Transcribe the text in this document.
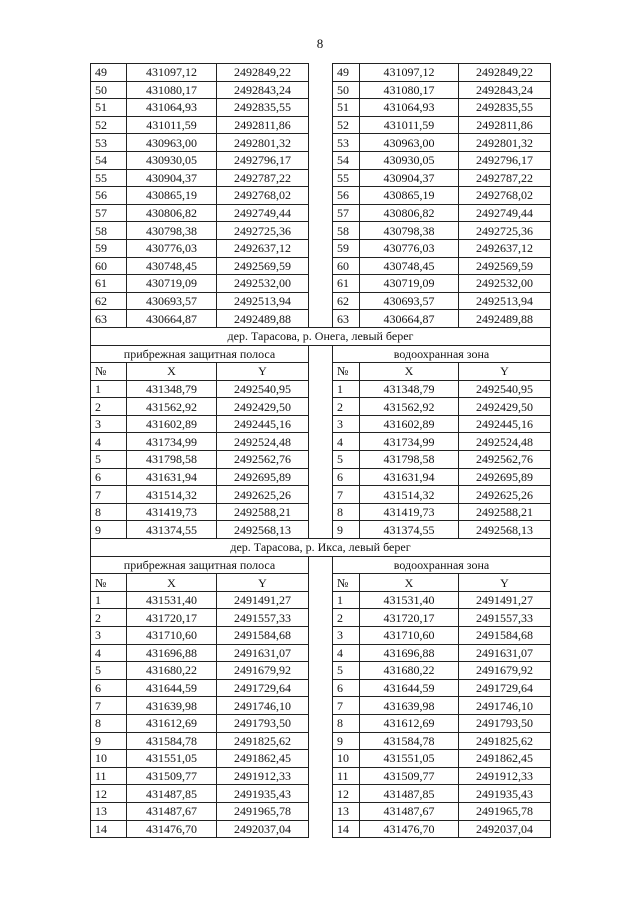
8
49	431097,12	2492849,22		49	431097,12	2492849,22
50	431080,17	2492843,24		50	431080,17	2492843,24
51	431064,93	2492835,55		51	431064,93	2492835,55
52	431011,59	2492811,86		52	431011,59	2492811,86
53	430963,00	2492801,32		53	430963,00	2492801,32
54	430930,05	2492796,17		54	430930,05	2492796,17
55	430904,37	2492787,22		55	430904,37	2492787,22
56	430865,19	2492768,02		56	430865,19	2492768,02
57	430806,82	2492749,44		57	430806,82	2492749,44
58	430798,38	2492725,36		58	430798,38	2492725,36
59	430776,03	2492637,12		59	430776,03	2492637,12
60	430748,45	2492569,59		60	430748,45	2492569,59
61	430719,09	2492532,00		61	430719,09	2492532,00
62	430693,57	2492513,94		62	430693,57	2492513,94
63	430664,87	2492489,88		63	430664,87	2492489,88
дер. Тарасова, р. Онега, левый берег						
прибрежная защитная полоса				водоохранная зона		
№	X	Y		№	X	Y
1	431348,79	2492540,95		1	431348,79	2492540,95
2	431562,92	2492429,50		2	431562,92	2492429,50
3	431602,89	2492445,16		3	431602,89	2492445,16
4	431734,99	2492524,48		4	431734,99	2492524,48
5	431798,58	2492562,76		5	431798,58	2492562,76
6	431631,94	2492695,89		6	431631,94	2492695,89
7	431514,32	2492625,26		7	431514,32	2492625,26
8	431419,73	2492588,21		8	431419,73	2492588,21
9	431374,55	2492568,13		9	431374,55	2492568,13
дер. Тарасова, р. Икса, левый берег						
прибрежная защитная полоса				водоохранная зона		
№	X	Y		№	X	Y
1	431531,40	2491491,27		1	431531,40	2491491,27
2	431720,17	2491557,33		2	431720,17	2491557,33
3	431710,60	2491584,68		3	431710,60	2491584,68
4	431696,88	2491631,07		4	431696,88	2491631,07
5	431680,22	2491679,92		5	431680,22	2491679,92
6	431644,59	2491729,64		6	431644,59	2491729,64
7	431639,98	2491746,10		7	431639,98	2491746,10
8	431612,69	2491793,50		8	431612,69	2491793,50
9	431584,78	2491825,62		9	431584,78	2491825,62
10	431551,05	2491862,45		10	431551,05	2491862,45
11	431509,77	2491912,33		11	431509,77	2491912,33
12	431487,85	2491935,43		12	431487,85	2491935,43
13	431487,67	2491965,78		13	431487,67	2491965,78
14	431476,70	2492037,04		14	431476,70	2492037,04
